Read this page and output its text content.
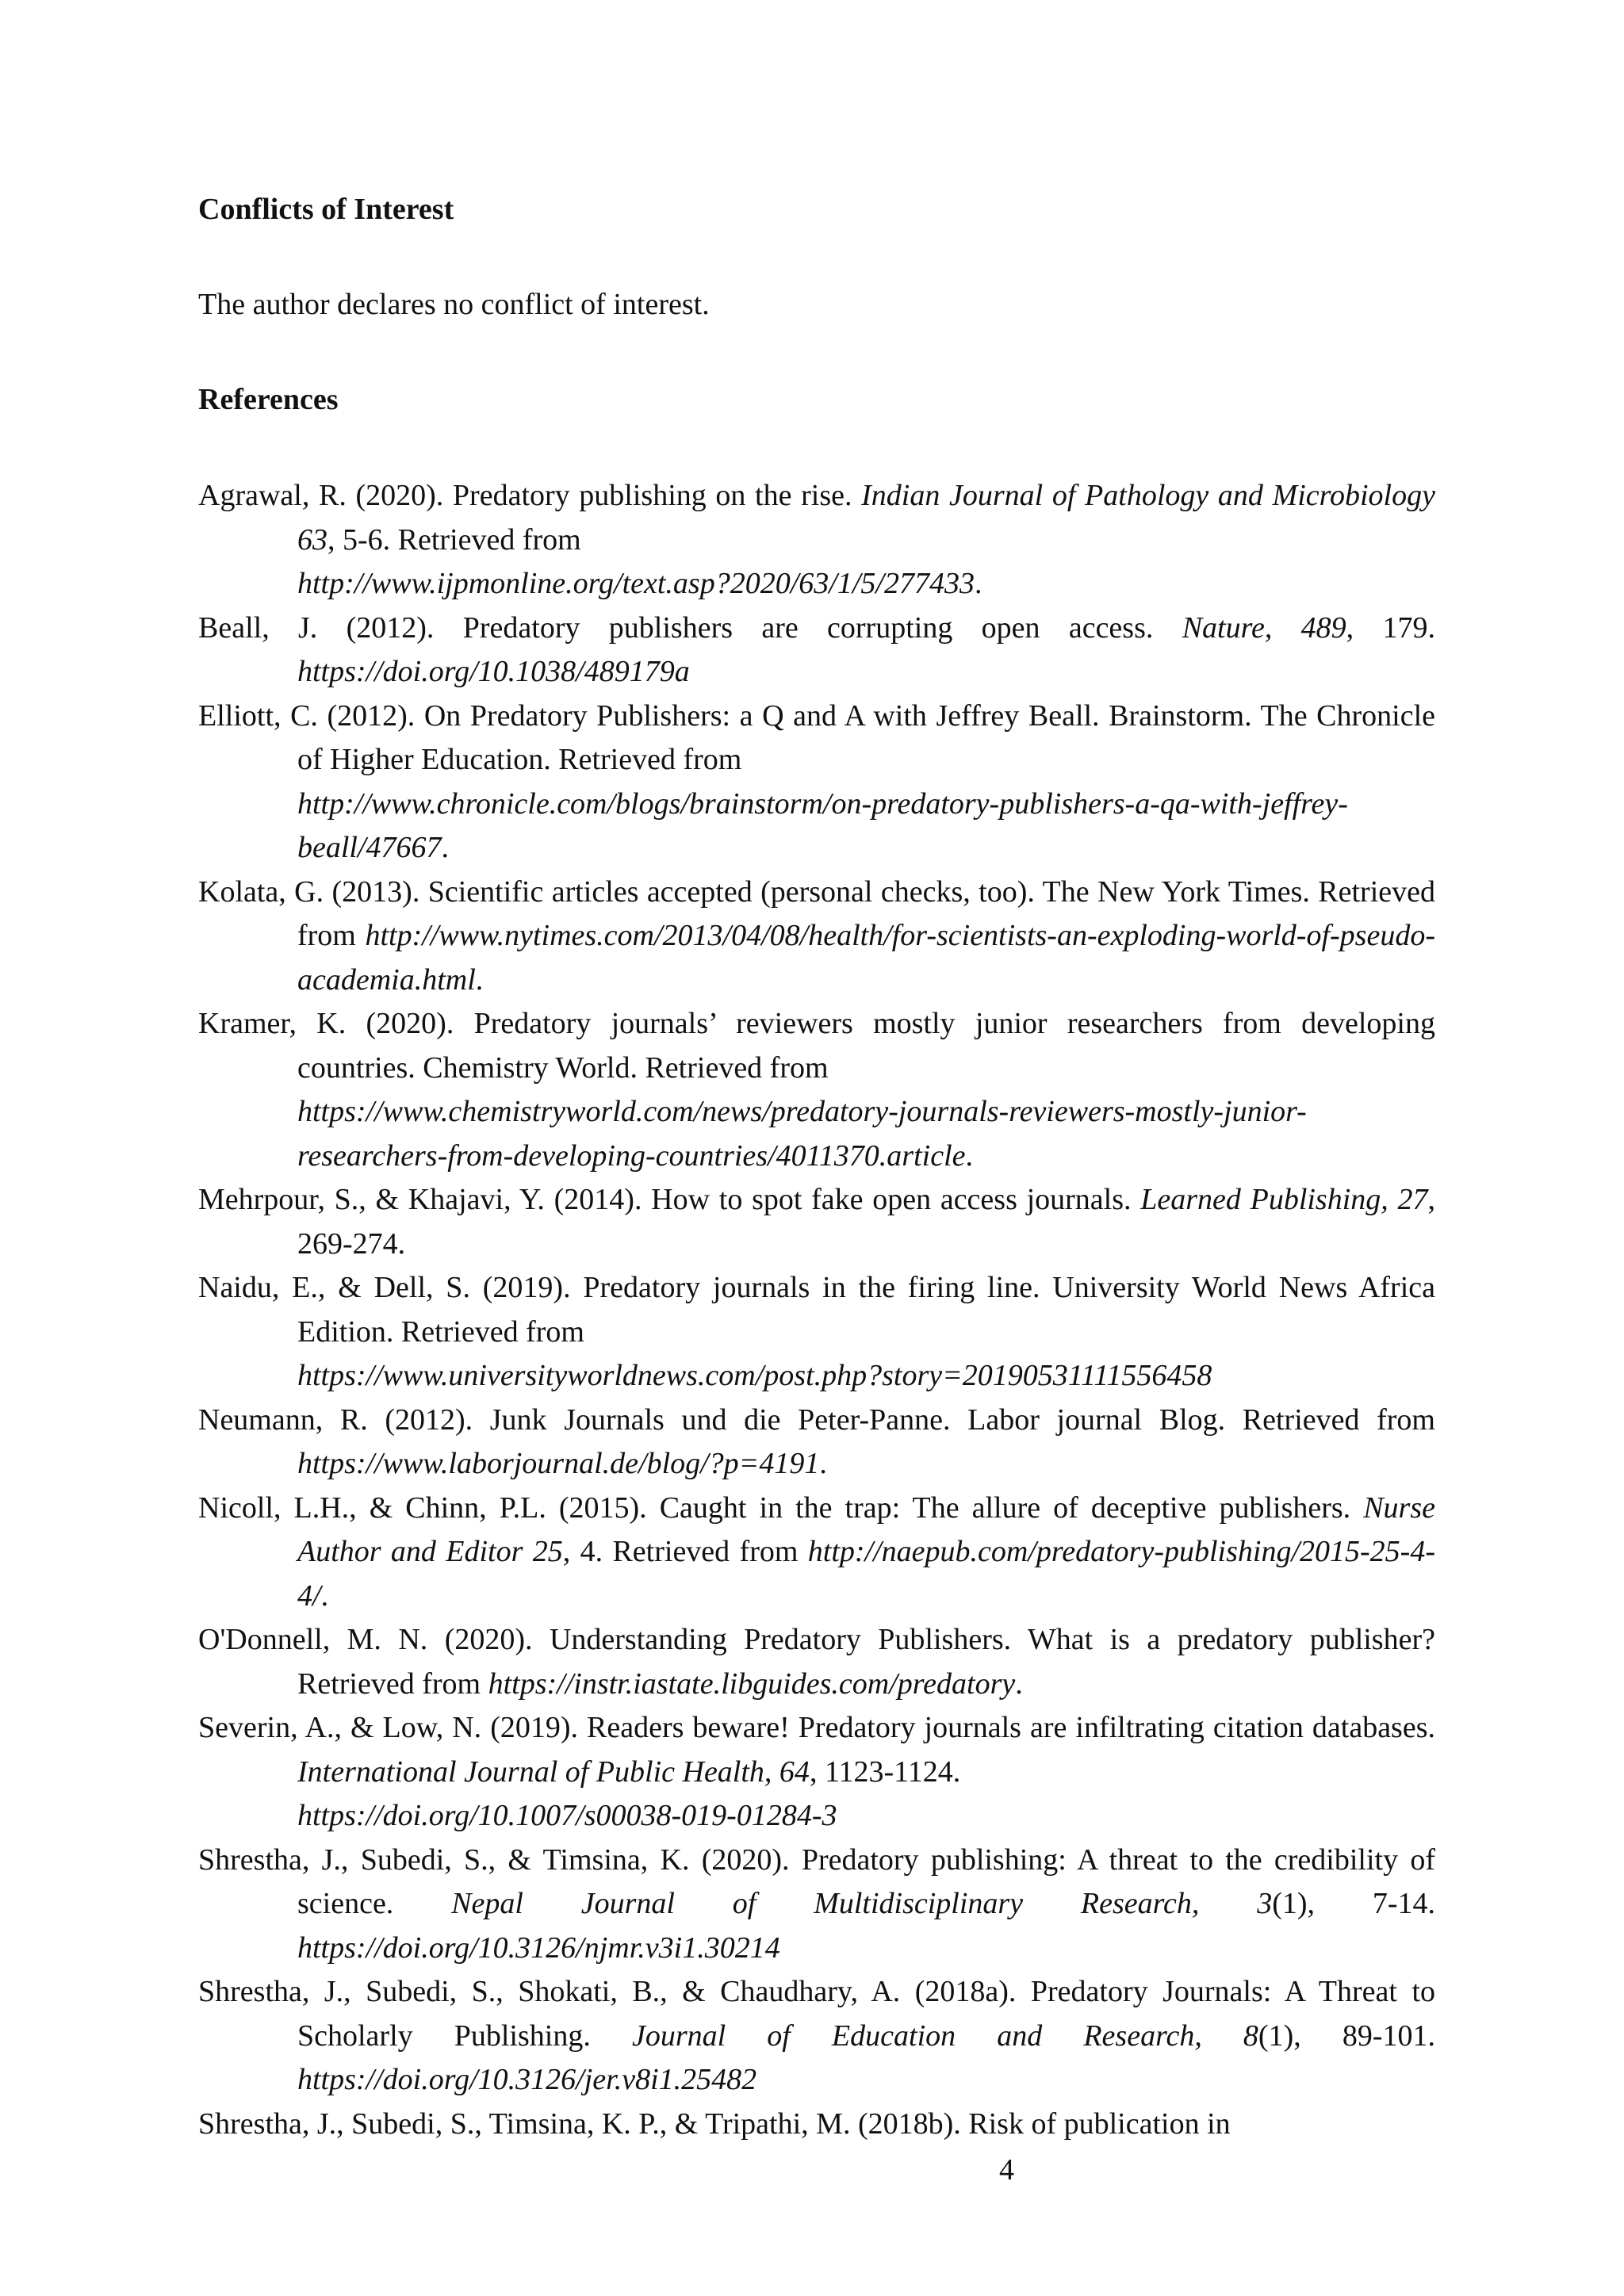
Conflicts of Interest
The author declares no conflict of interest.
References

Agrawal, R. (2020). Predatory publishing on the rise. Indian Journal of Pathology and Microbiology 63, 5-6. Retrieved from
http://www.ijpmonline.org/text.asp?2020/63/1/5/277433.

Beall, J. (2012). Predatory publishers are corrupting open access. Nature, 489, 179. https://doi.org/10.1038/489179a

Elliott, C. (2012). On Predatory Publishers: a Q and A with Jeffrey Beall. Brainstorm. The Chronicle of Higher Education. Retrieved from
http://www.chronicle.com/blogs/brainstorm/on-predatory-publishers-a-qa-with-jeffrey-beall/47667.

Kolata, G. (2013). Scientific articles accepted (personal checks, too). The New York Times. Retrieved from http://www.nytimes.com/2013/04/08/health/for-scientists-an-exploding-world-of-pseudo-academia.html.

Kramer, K. (2020). Predatory journals’ reviewers mostly junior researchers from developing countries. Chemistry World. Retrieved from
https://www.chemistryworld.com/news/predatory-journals-reviewers-mostly-junior-researchers-from-developing-countries/4011370.article.

Mehrpour, S., & Khajavi, Y. (2014). How to spot fake open access journals. Learned Publishing, 27, 269-274.

Naidu, E., & Dell, S. (2019). Predatory journals in the firing line. University World News Africa Edition. Retrieved from
https://www.universityworldnews.com/post.php?story=20190531111556458

Neumann, R. (2012). Junk Journals und die Peter-Panne. Labor journal Blog. Retrieved from https://www.laborjournal.de/blog/?p=4191.

Nicoll, L.H., & Chinn, P.L. (2015). Caught in the trap: The allure of deceptive publishers. Nurse Author and Editor 25, 4. Retrieved from http://naepub.com/predatory-publishing/2015-25-4-4/.

O'Donnell, M. N. (2020). Understanding Predatory Publishers. What is a predatory publisher? Retrieved from https://instr.iastate.libguides.com/predatory.

Severin, A., & Low, N. (2019). Readers beware! Predatory journals are infiltrating citation databases. International Journal of Public Health, 64, 1123-1124.
https://doi.org/10.1007/s00038-019-01284-3

Shrestha, J., Subedi, S., & Timsina, K. (2020). Predatory publishing: A threat to the credibility of science. Nepal Journal of Multidisciplinary Research, 3(1), 7-14. https://doi.org/10.3126/njmr.v3i1.30214

Shrestha, J., Subedi, S., Shokati, B., & Chaudhary, A. (2018a). Predatory Journals: A Threat to Scholarly Publishing. Journal of Education and Research, 8(1), 89-101. https://doi.org/10.3126/jer.v8i1.25482

Shrestha, J., Subedi, S., Timsina, K. P., & Tripathi, M. (2018b). Risk of publication in

4
